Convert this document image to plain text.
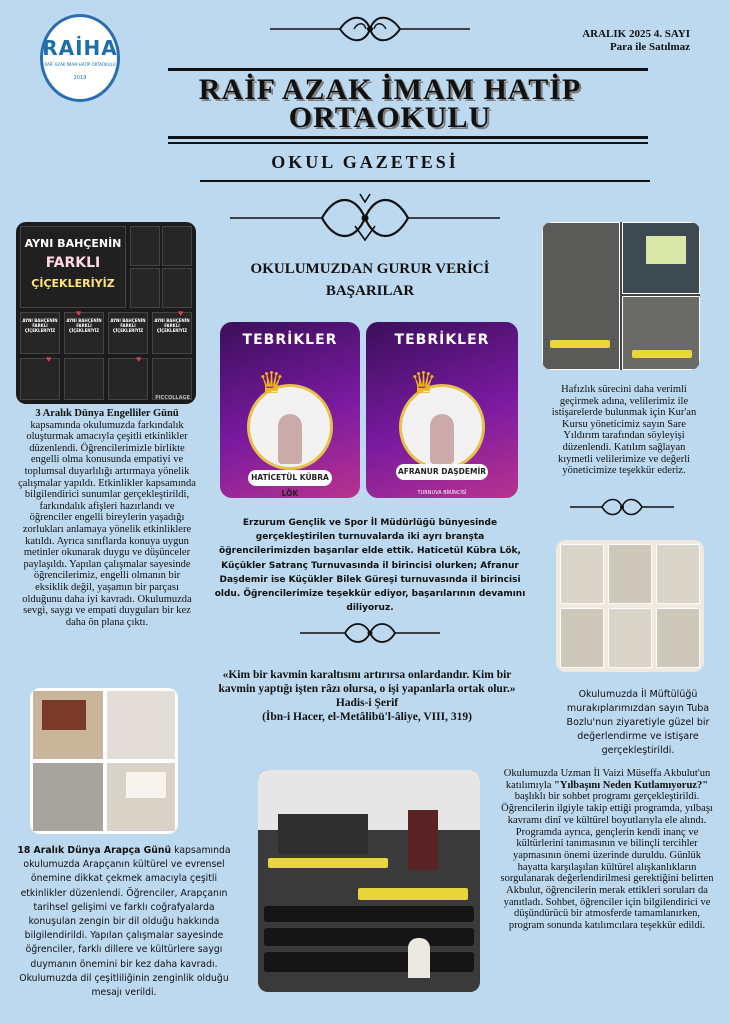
RAİHA
RAİF AZAK İMAM HATİP ORTAOKULU
2019
ARALIK 2025 4. SAYI
Para ile Satılmaz
RAİF AZAK İMAM HATİP
ORTAOKULU
OKUL GAZETESİ
AYNI BAHÇENİN
FARKLI
ÇİÇEKLERİYİZ
AYNI BAHÇENİN FARKLI ÇİÇEKLERİYİZ
AYNI BAHÇENİN FARKLI ÇİÇEKLERİYİZ
AYNI BAHÇENİN FARKLI ÇİÇEKLERİYİZ
AYNI BAHÇENİN FARKLI ÇİÇEKLERİYİZ
♥
♥	♥
♥
PICCOLLAGE
3 Aralık Dünya Engelliler Günü kapsamında okulumuzda farkındalık oluşturmak amacıyla çeşitli etkinlikler düzenlendi. Öğrencilerimizle birlikte engelli olma konusunda empatiyi ve toplumsal duyarlılığı artırmaya yönelik çalışmalar yapıldı. Etkinlikler kapsamında bilgilendirici sunumlar gerçekleştirildi, farkındalık afişleri hazırlandı ve öğrenciler engelli bireylerin yaşadığı zorlukları anlamaya yönelik etkinliklere katıldı. Ayrıca sınıflarda konuya uygun metinler okunarak duygu ve düşünceler paylaşıldı. Yapılan çalışmalar sayesinde öğrencilerimiz, engelli olmanın bir eksiklik değil, yaşamın bir parçası olduğunu daha iyi kavradı. Okulumuzda sevgi, saygı ve empati duyguları bir kez daha ön plana çıktı.
OKULUMUZDAN GURUR VERİCİ
BAŞARILAR
TEBRİKLER
♛
HATİCETÜL KÜBRA LÖK
TEBRİKLER
♛
AFRANUR DAŞDEMİR
TURNUVA BİRİNCİSİ
Erzurum Gençlik ve Spor İl Müdürlüğü bünyesinde gerçekleştirilen turnuvalarda iki ayrı branşta öğrencilerimizden başarılar elde ettik. Haticetül Kübra Lök, Küçükler Satranç Turnuvasında il birincisi olurken; Afranur Daşdemir ise Küçükler Bilek Güreşi turnuvasında il birincisi oldu. Öğrencilerimize teşekkür ediyor, başarılarının devamını diliyoruz.
«Kim bir kavmin karaltısını artırırsa onlardandır. Kim bir kavmin yaptığı işten râzı olursa, o işi yapanlarla ortak olur.»
Hadis-i Şerif
(İbn-i Hacer, el-Metâlibü'l-âliye, VIII, 319)
Hafızlık sürecini daha verimli geçirmek adına, velilerimiz ile istişarelerde bulunmak için Kur'an Kursu yöneticimiz sayın Sare Yıldırım tarafından söyleyişi düzenlendi. Katılım sağlayan kıymetli velilerimize ve değerli yöneticimize teşekkür ederiz.
Okulumuzda İl Müftülüğü murakıplarımızdan sayın Tuba Bozlu'nun ziyaretiyle güzel bir değerlendirme ve istişare gerçekleştirildi.
18 Aralık Dünya Arapça Günü kapsamında okulumuzda Arapçanın kültürel ve evrensel önemine dikkat çekmek amacıyla çeşitli etkinlikler düzenlendi. Öğrenciler, Arapçanın tarihsel gelişimi ve farklı coğrafyalarda konuşulan zengin bir dil olduğu hakkında bilgilendirildi. Yapılan çalışmalar sayesinde öğrenciler, farklı dillere ve kültürlere saygı duymanın önemini bir kez daha kavradı. Okulumuzda dil çeşitliliğinin zenginlik olduğu mesajı verildi.
Okulumuzda Uzman İl Vaizi Müseffa Akbulut'un katılımıyla "Yılbaşını Neden Kutlamıyoruz?" başlıklı bir sohbet programı gerçekleştirildi. Öğrencilerin ilgiyle takip ettiği programda, yılbaşı kavramı dinî ve kültürel boyutlarıyla ele alındı. Programda ayrıca, gençlerin kendi inanç ve kültürlerini tanımasının ve bilinçli tercihler yapmasının önemi üzerinde duruldu. Günlük hayatta karşılaşılan kültürel alışkanlıkların sorgulanarak değerlendirilmesi gerektiğini belirten Akbulut, öğrencilerin merak ettikleri soruları da yanıtladı. Sohbet, öğrenciler için bilgilendirici ve düşündürücü bir atmosferde tamamlanırken, program sonunda katılımcılara teşekkür edildi.
